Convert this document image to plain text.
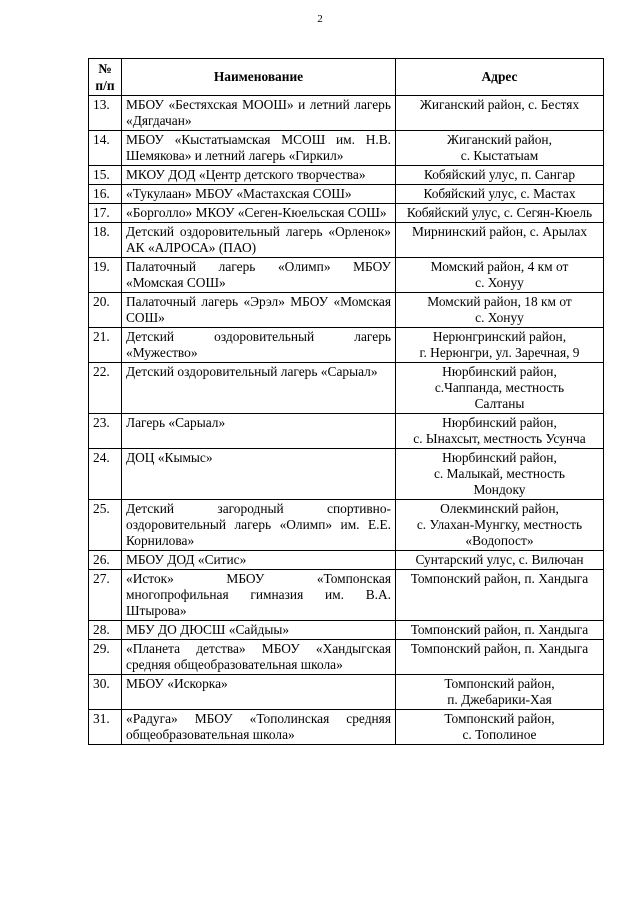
2
№
п/п	Наименование	Адрес
13.	МБОУ «Бестяхская МООШ» и летний лагерь «Дягдачан»	Жиганский район, с. Бестях
14.	МБОУ «Кыстатыамская МСОШ им. Н.В. Шемякова» и летний лагерь «Гиркил»	Жиганский район,
с. Кыстатыам
15.	МКОУ ДОД «Центр детского творчества»	Кобяйский улус, п. Сангар
16.	«Тукулаан» МБОУ «Мастахская СОШ»	Кобяйский улус, с. Мастах
17.	«Борголло» МКОУ «Сеген-Кюельская СОШ»	Кобяйский улус, с. Сегян-Кюель
18.	Детский оздоровительный лагерь «Орленок» АК «АЛРОСА» (ПАО)	Мирнинский район, с. Арылах
19.	Палаточный лагерь «Олимп» МБОУ «Момская СОШ»	Момский район, 4 км от
с. Хонуу
20.	Палаточный лагерь «Эрэл» МБОУ «Момская СОШ»	Момский район, 18 км от
с. Хонуу
21.	Детский оздоровительный лагерь «Мужество»	Нерюнгринский район,
г. Нерюнгри, ул. Заречная, 9
22.	Детский оздоровительный лагерь «Сарыал»	Нюрбинский район,
с.Чаппанда, местность
Салтаны
23.	Лагерь «Сарыал»	Нюрбинский район,
с. Ынахсыт, местность Усунча
24.	ДОЦ «Кымыс»	Нюрбинский район,
с. Малыкай, местность
Мондоку
25.	Детский загородный спортивно-оздоровительный лагерь «Олимп» им. Е.Е. Корнилова»	Олекминский район,
с. Улахан-Мунгку, местность
«Водопост»
26.	МБОУ ДОД «Ситис»	Сунтарский улус, с. Вилючан
27.	«Исток» МБОУ «Томпонская многопрофильная гимназия им. В.А. Штырова»	Томпонский район, п. Хандыга
28.	МБУ ДО ДЮСШ «Сайдыы»	Томпонский район, п. Хандыга
29.	«Планета детства» МБОУ «Хандыгская средняя общеобразовательная школа»	Томпонский район, п. Хандыга
30.	МБОУ «Искорка»	Томпонский район,
п. Джебарики-Хая
31.	«Радуга» МБОУ «Тополинская средняя общеобразовательная школа»	Томпонский район,
с. Тополиное
